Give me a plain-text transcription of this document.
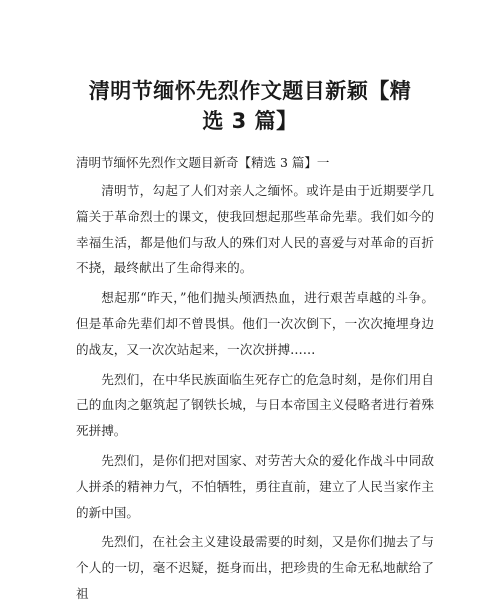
清明节缅怀先烈作文题目新颖【精选 3 篇】
清明节缅怀先烈作文题目新奇【精选 3 篇】一

清明节，勾起了人们对亲人之缅怀。或许是由于近期要学几篇关于革命烈士的课文，使我回想起那些革命先辈。我们如今的幸福生活，都是他们与敌人的殊们对人民的喜爱与对革命的百折不挠，最终献出了生命得来的。

想起那“昨天，”他们抛头颅洒热血，进行艰苦卓越的斗争。但是革命先辈们却不曾畏惧。他们一次次倒下，一次次掩埋身边的战友，又一次次站起来，一次次拼搏……

先烈们，在中华民族面临生死存亡的危急时刻，是你们用自己的血肉之躯筑起了钢铁长城，与日本帝国主义侵略者进行着殊死拼搏。

先烈们，是你们把对国家、对劳苦大众的爱化作战斗中同敌人拼杀的精神力气，不怕牺牲，勇往直前，建立了人民当家作主的新中国。

先烈们，在社会主义建设最需要的时刻，又是你们抛去了与个人的一切，毫不迟疑，挺身而出，把珍贵的生命无私地献给了祖
